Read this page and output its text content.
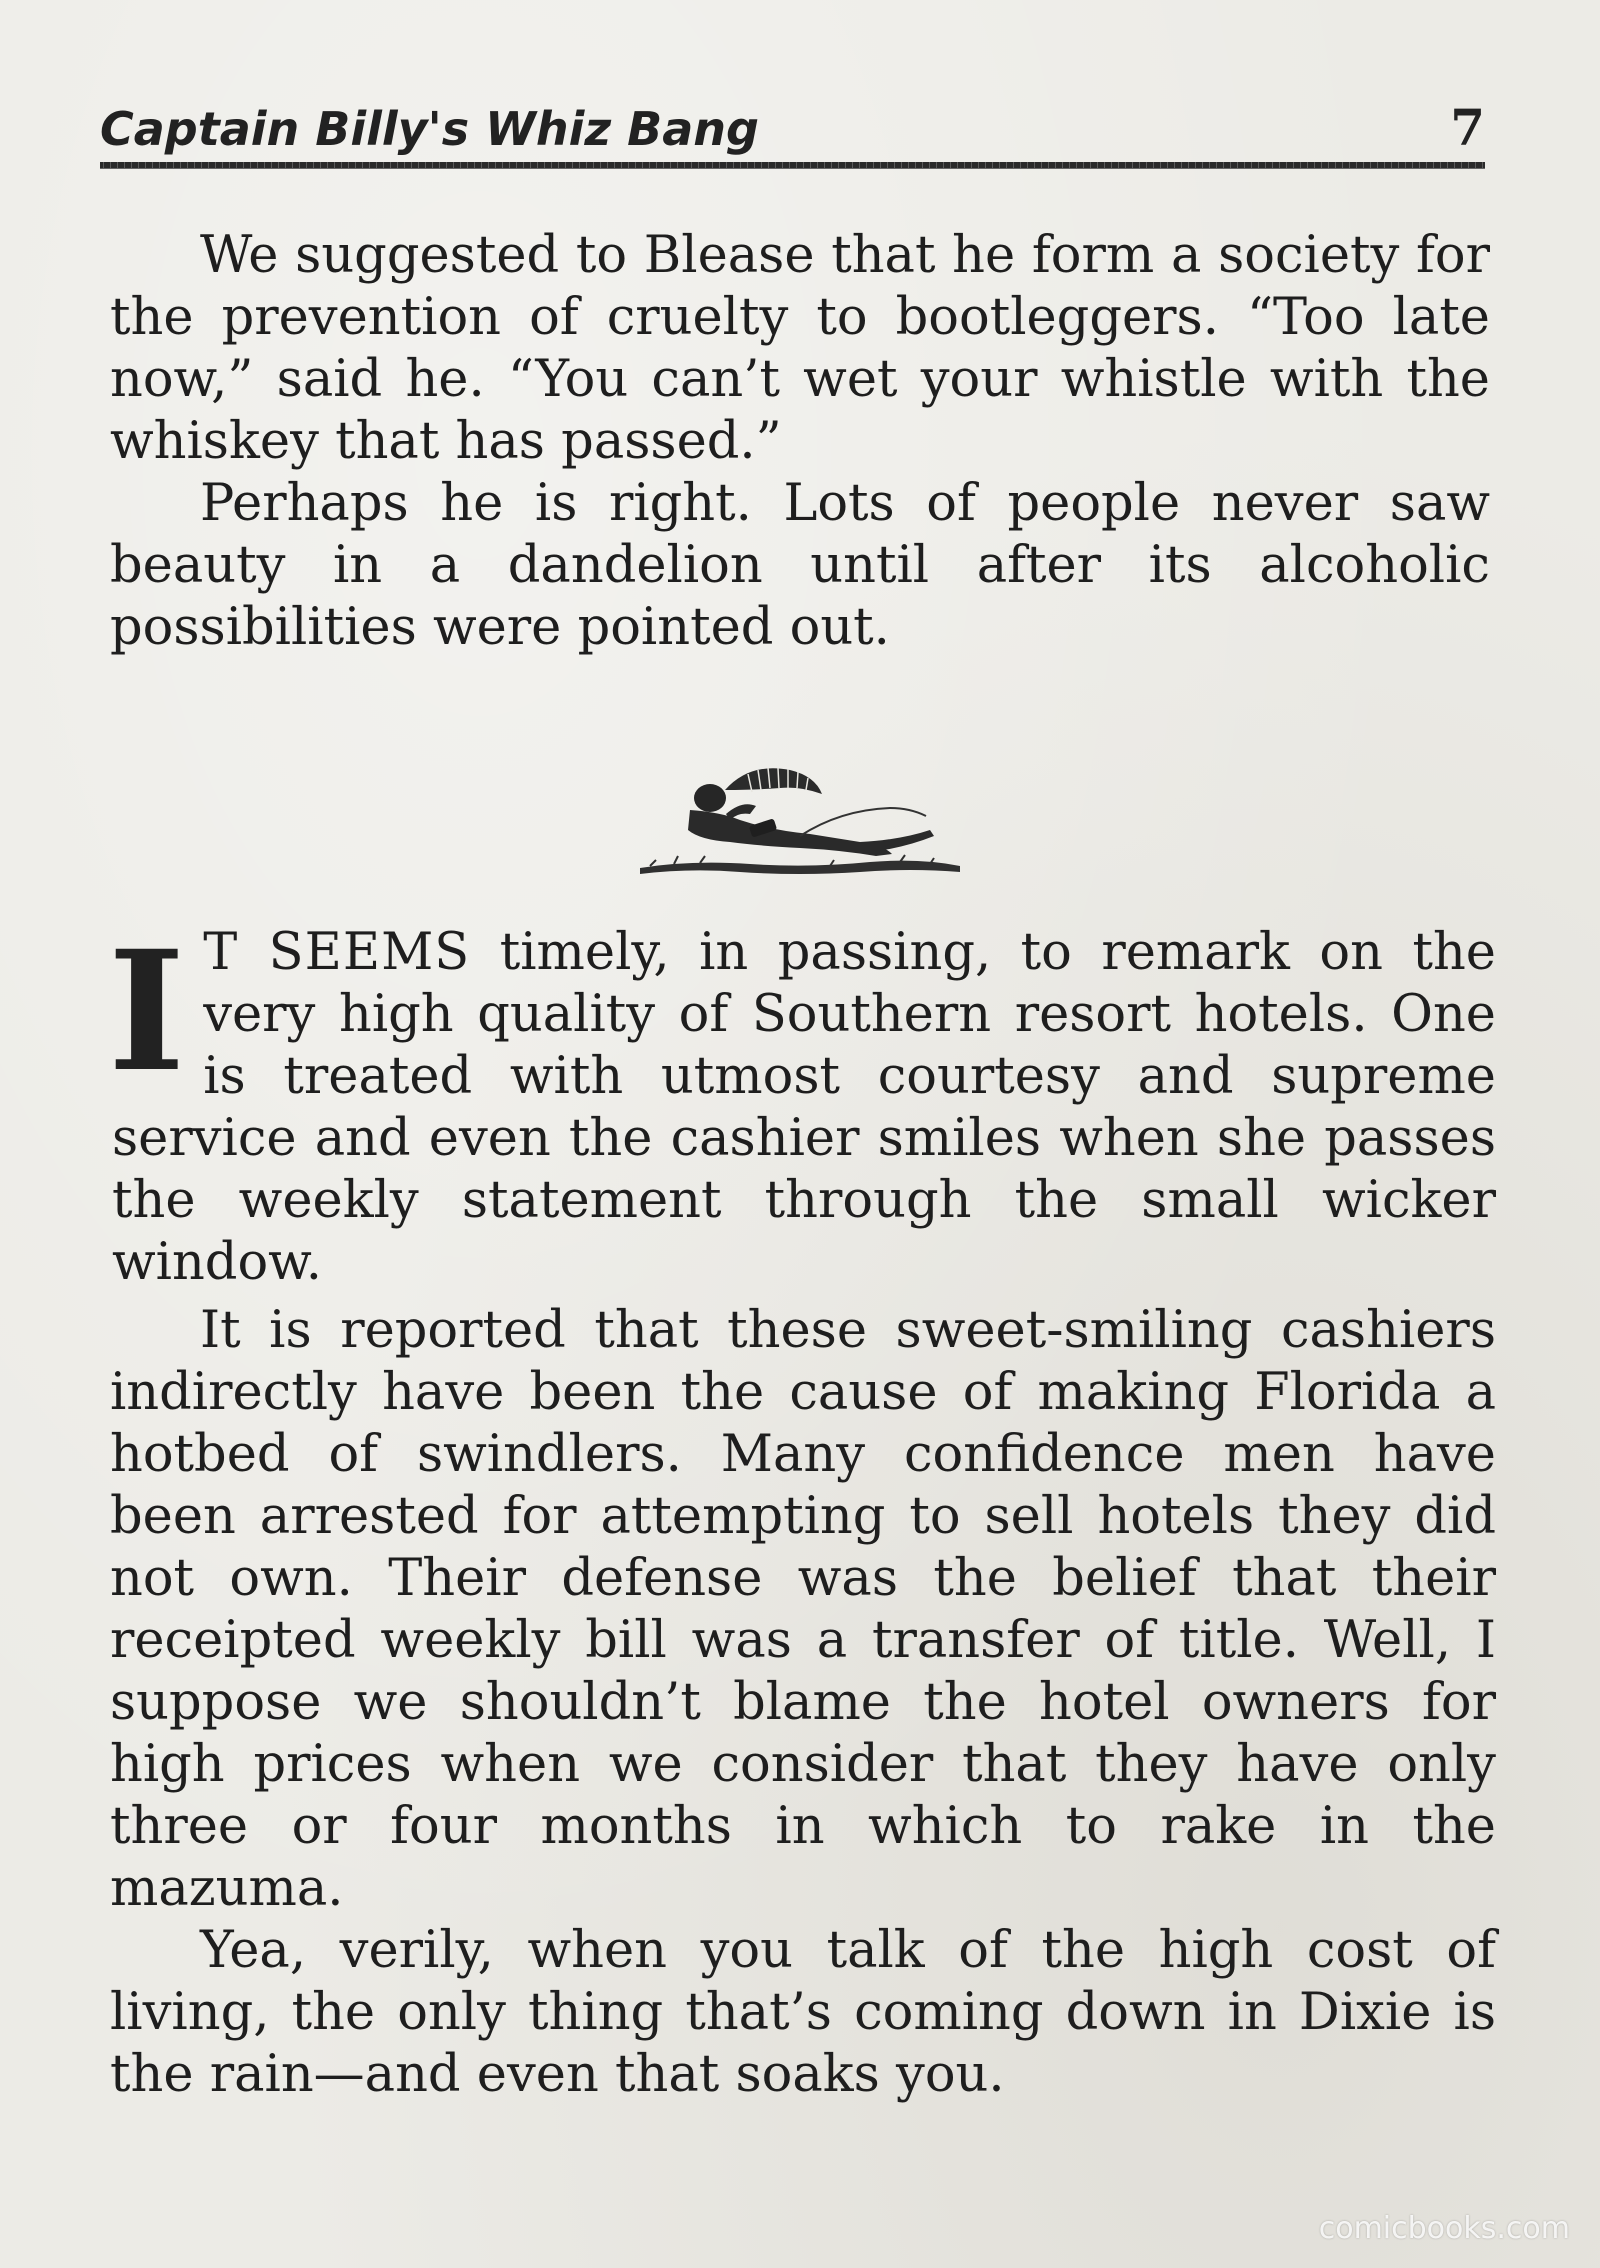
Captain Billy's Whiz Bang	7

We suggested to Blease that he form a society for the prevention of cruelty to bootleggers. “Too late now,” said he. “You can’t wet your whistle with the whiskey that has passed.”

Perhaps he is right. Lots of people never saw beauty in a dandelion until after its alcoholic possibilities were pointed out.

I T SEEMS timely, in passing, to remark on the very high quality of Southern resort hotels. One is treated with utmost courtesy and supreme service and even the cashier smiles when she passes the weekly statement through the small wicker window.

It is reported that these sweet-smiling cashiers indirectly have been the cause of making Florida a hotbed of swindlers. Many confidence men have been arrested for attempting to sell hotels they did not own. Their defense was the belief that their receipted weekly bill was a transfer of title. Well, I suppose we shouldn’t blame the hotel owners for high prices when we consider that they have only three or four months in which to rake in the mazuma.

Yea, verily, when you talk of the high cost of living, the only thing that’s coming down in Dixie is the rain—and even that soaks you.

comicbooks.com
